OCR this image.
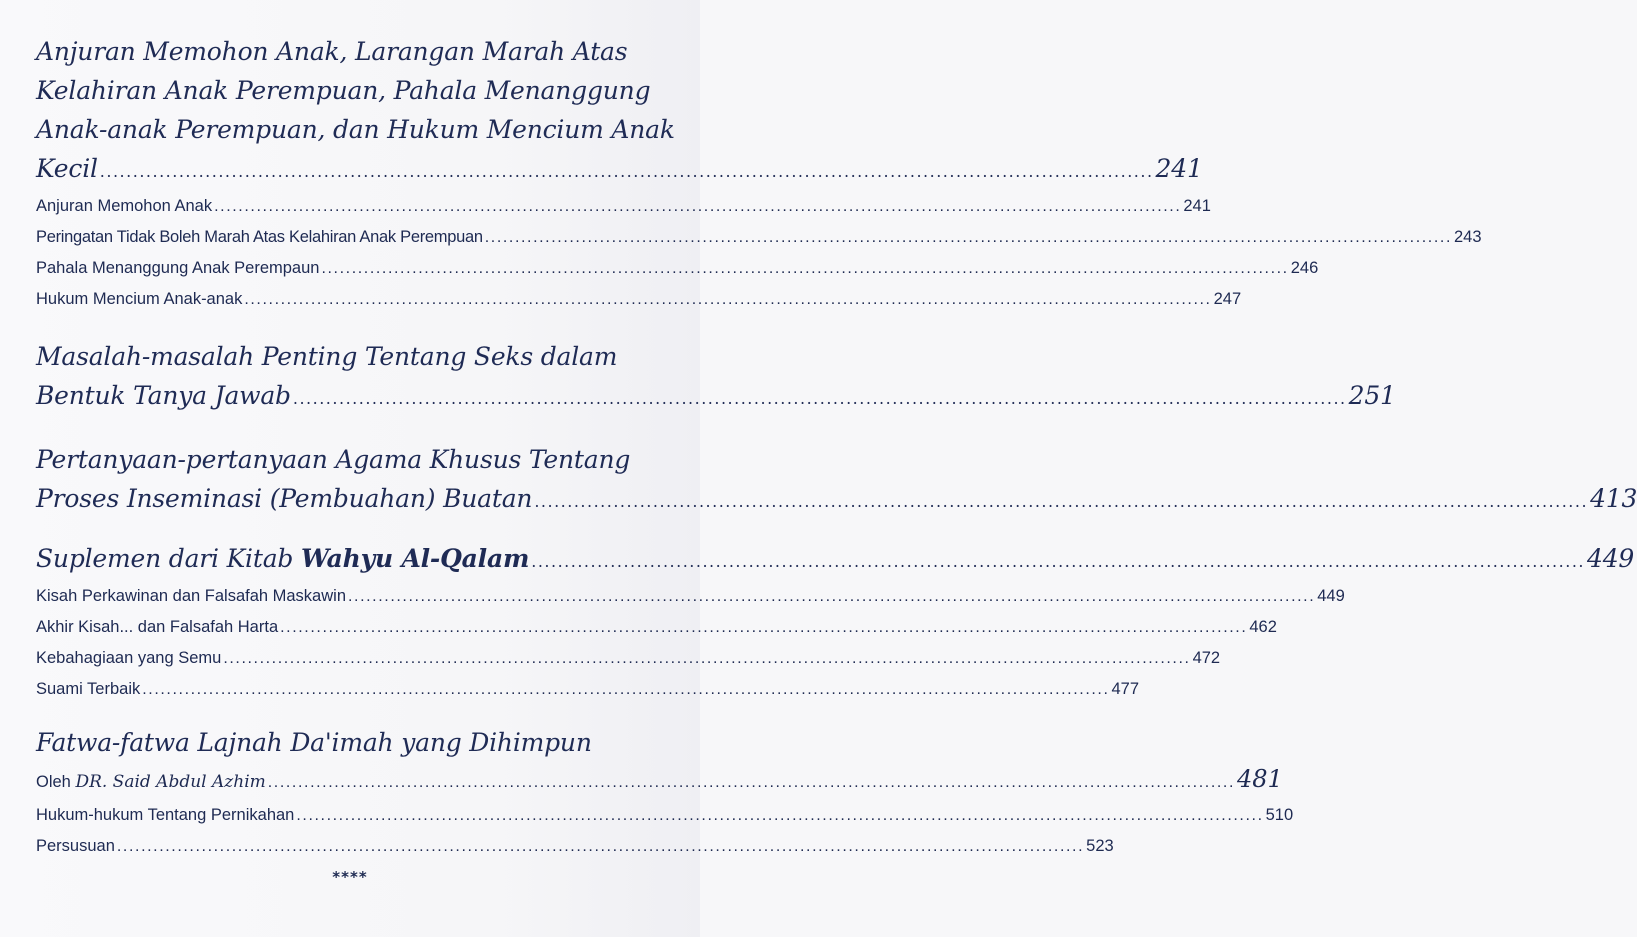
Anjuran Memohon Anak, Larangan Marah Atas
Kelahiran Anak Perempuan, Pahala Menanggung
Anak-anak Perempuan, dan Hukum Mencium Anak
Kecil ................................................................................................................................................................ 241
Anjuran Memohon Anak ................................................................................................................................................................ 241
Peringatan Tidak Boleh Marah Atas Kelahiran Anak Perempuan ................................................................................................................................................................ 243
Pahala Menanggung Anak Perempaun ................................................................................................................................................................ 246
Hukum Mencium Anak-anak ................................................................................................................................................................ 247
Masalah-masalah Penting Tentang Seks dalam
Bentuk Tanya Jawab ................................................................................................................................................................ 251
Pertanyaan-pertanyaan Agama Khusus Tentang
Proses Inseminasi (Pembuahan) Buatan ................................................................................................................................................................ 413
Suplemen dari Kitab Wahyu Al-Qalam ................................................................................................................................................................ 449
Kisah Perkawinan dan Falsafah Maskawin ................................................................................................................................................................ 449
Akhir Kisah... dan Falsafah Harta ................................................................................................................................................................ 462
Kebahagiaan yang Semu ................................................................................................................................................................ 472
Suami Terbaik ................................................................................................................................................................ 477
Fatwa-fatwa Lajnah Da'imah yang Dihimpun
Oleh DR. Said Abdul Azhim ................................................................................................................................................................ 481
Hukum-hukum Tentang Pernikahan ................................................................................................................................................................ 510
Persusuan ................................................................................................................................................................ 523
****
